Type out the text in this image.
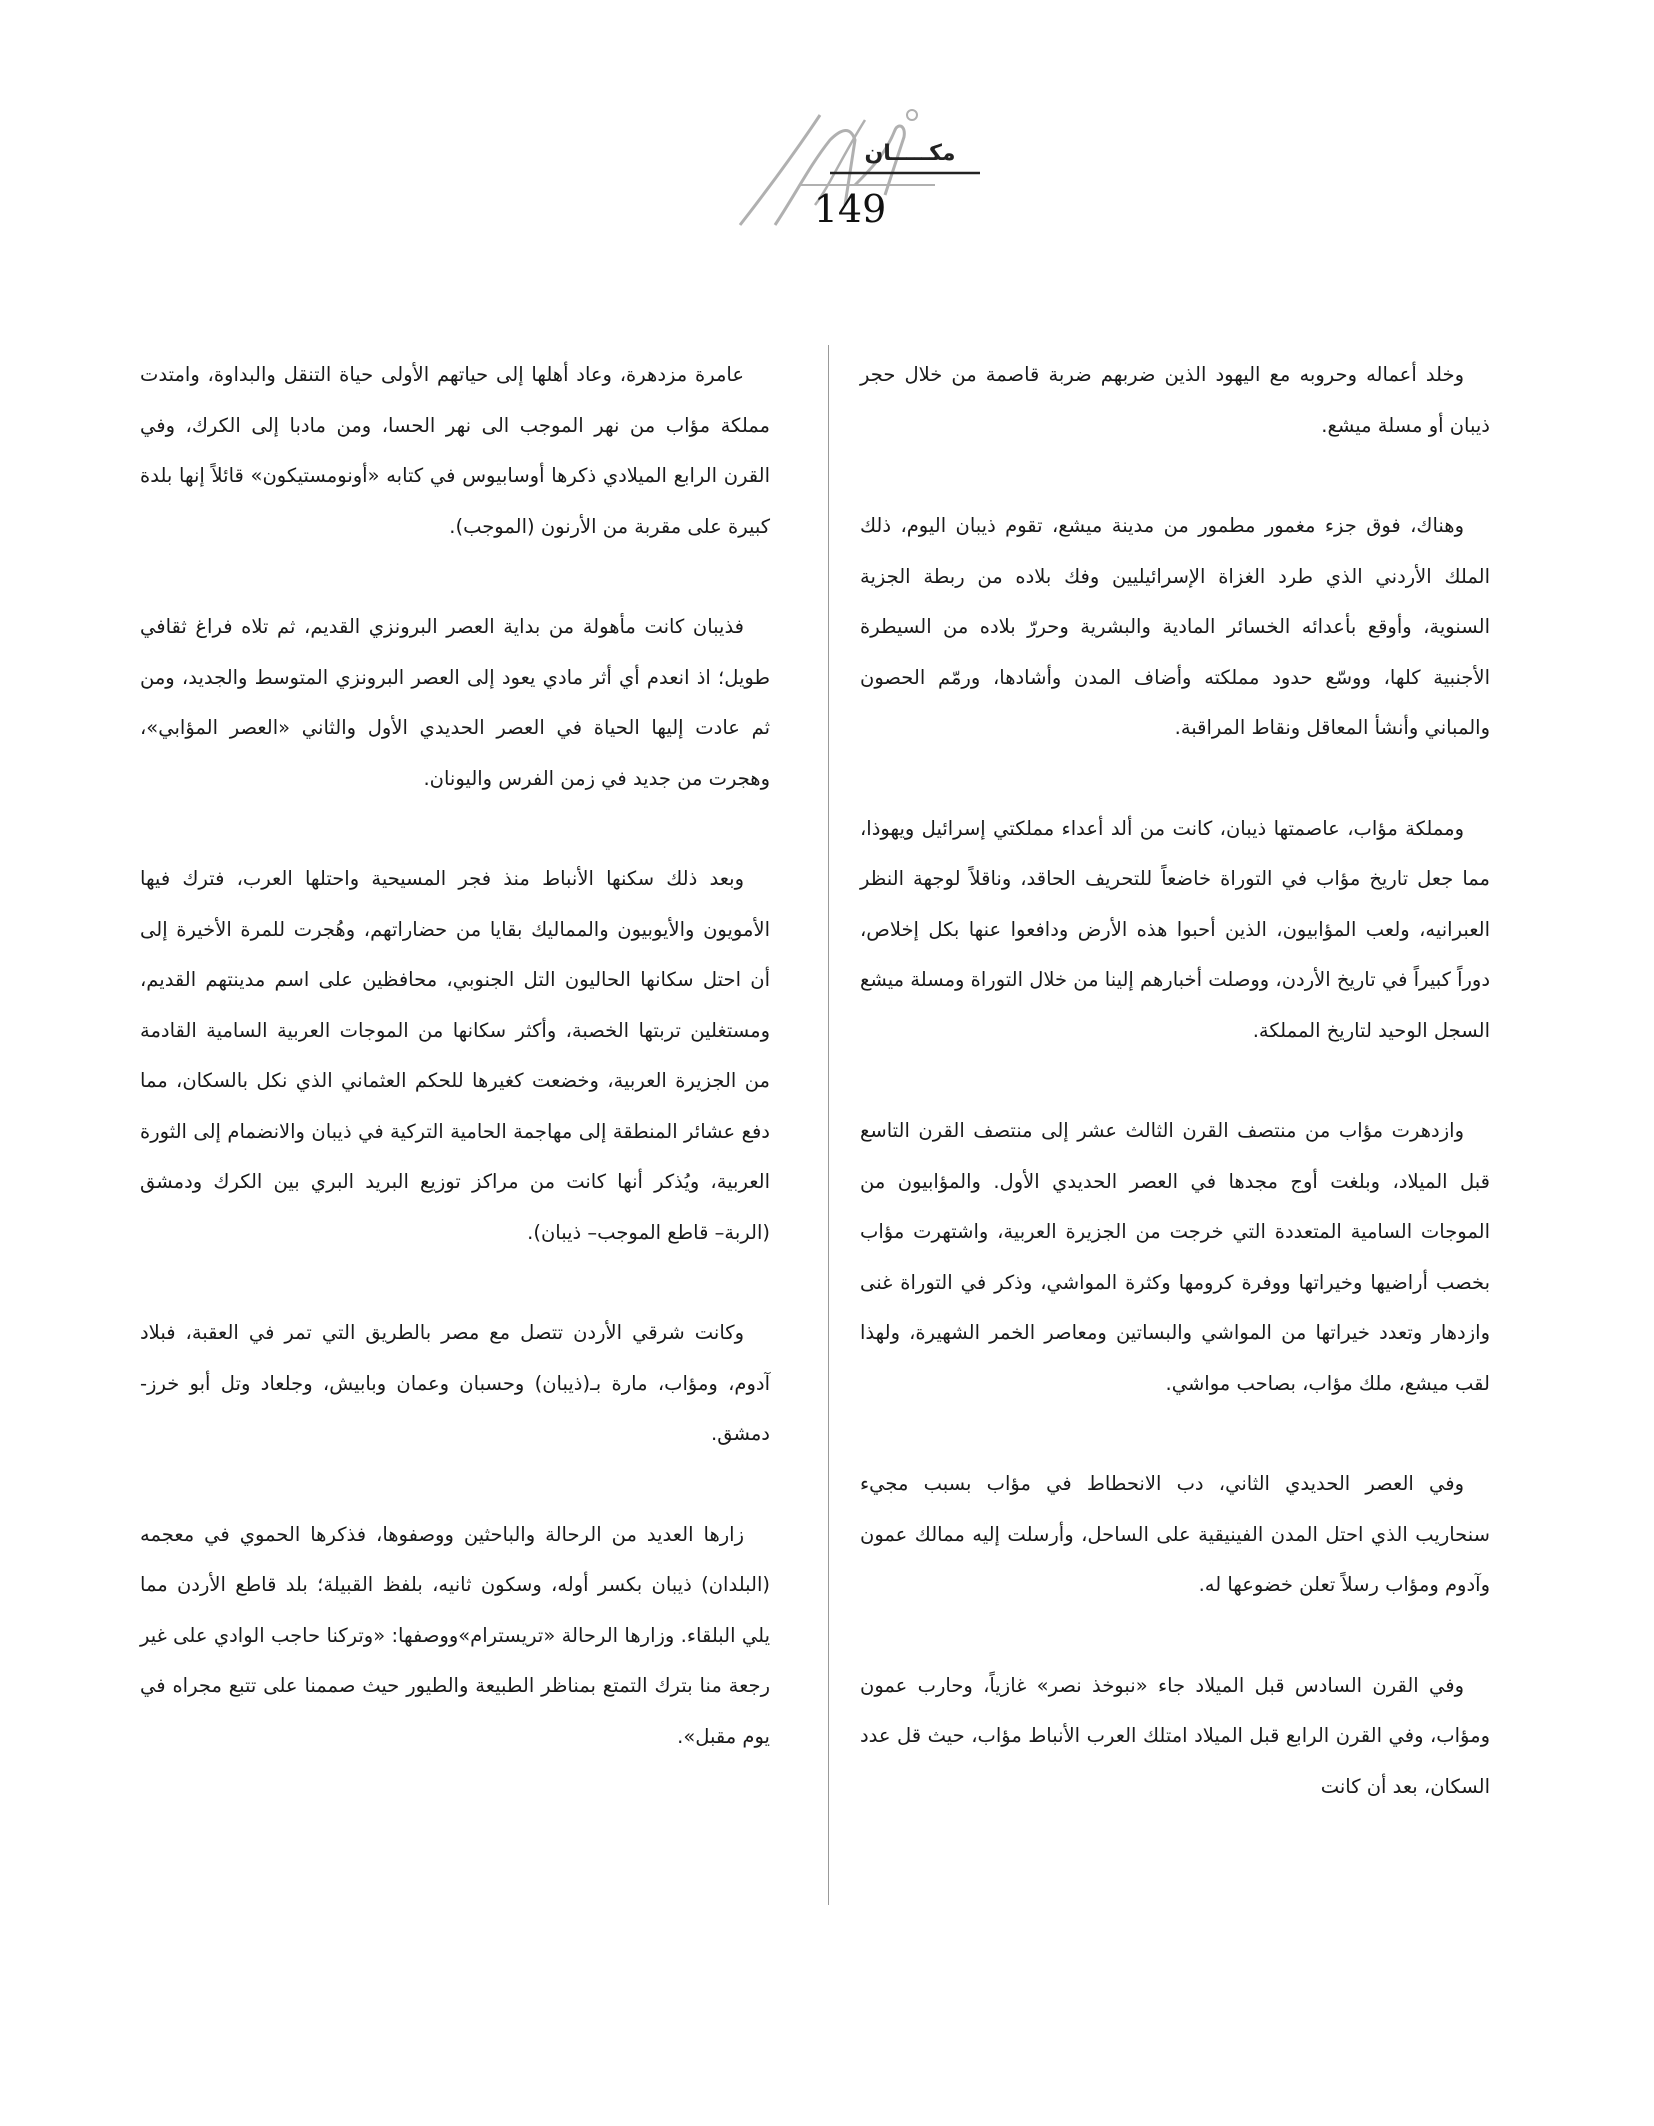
مكـــــان
149

وخلد أعماله وحروبه مع اليهود الذين ضربهم ضربة قاصمة من خلال حجر ذيبان أو مسلة ميشع.

وهناك، فوق جزء مغمور مطمور من مدينة ميشع، تقوم ذيبان اليوم، ذلك الملك الأردني الذي طرد الغزاة الإسرائيليين وفك بلاده من ربطة الجزية السنوية، وأوقع بأعدائه الخسائر المادية والبشرية وحررّ بلاده من السيطرة الأجنبية كلها، ووسّع حدود مملكته وأضاف المدن وأشادها، ورمّم الحصون والمباني وأنشأ المعاقل ونقاط المراقبة.

ومملكة مؤاب، عاصمتها ذيبان، كانت من ألد أعداء مملكتي إسرائيل ويهوذا، مما جعل تاريخ مؤاب في التوراة خاضعاً للتحريف الحاقد، وناقلاً لوجهة النظر العبرانيه، ولعب المؤابيون، الذين أحبوا هذه الأرض ودافعوا عنها بكل إخلاص، دوراً كبيراً في تاريخ الأردن، ووصلت أخبارهم إلينا من خلال التوراة ومسلة ميشع السجل الوحيد لتاريخ المملكة.

وازدهرت مؤاب من منتصف القرن الثالث عشر إلى منتصف القرن التاسع قبل الميلاد، وبلغت أوج مجدها في العصر الحديدي الأول. والمؤابيون من الموجات السامية المتعددة التي خرجت من الجزيرة العربية، واشتهرت مؤاب بخصب أراضيها وخيراتها ووفرة كرومها وكثرة المواشي، وذكر في التوراة غنى وازدهار وتعدد خيراتها من المواشي والبساتين ومعاصر الخمر الشهيرة، ولهذا لقب ميشع، ملك مؤاب، بصاحب مواشي.

وفي العصر الحديدي الثاني، دب الانحطاط في مؤاب بسبب مجيء سنحاريب الذي احتل المدن الفينيقية على الساحل، وأرسلت إليه ممالك عمون وآدوم ومؤاب رسلاً تعلن خضوعها له.

وفي القرن السادس قبل الميلاد جاء «نبوخذ نصر» غازياً، وحارب عمون ومؤاب، وفي القرن الرابع قبل الميلاد امتلك العرب الأنباط مؤاب، حيث قل عدد السكان، بعد أن كانت

عامرة مزدهرة، وعاد أهلها إلى حياتهم الأولى حياة التنقل والبداوة، وامتدت مملكة مؤاب من نهر الموجب الى نهر الحسا، ومن مادبا إلى الكرك، وفي القرن الرابع الميلادي ذكرها أوسابيوس في كتابه «أونومستيكون» قائلاً إنها بلدة كبيرة على مقربة من الأرنون (الموجب).

فذيبان كانت مأهولة من بداية العصر البرونزي القديم، ثم تلاه فراغ ثقافي طويل؛ اذ انعدم أي أثر مادي يعود إلى العصر البرونزي المتوسط والجديد، ومن ثم عادت إليها الحياة في العصر الحديدي الأول والثاني «العصر المؤابي»، وهجرت من جديد في زمن الفرس واليونان.

وبعد ذلك سكنها الأنباط منذ فجر المسيحية واحتلها العرب، فترك فيها الأمويون والأيوبيون والمماليك بقايا من حضاراتهم، وهُجرت للمرة الأخيرة إلى أن احتل سكانها الحاليون التل الجنوبي، محافظين على اسم مدينتهم القديم، ومستغلين تربتها الخصبة، وأكثر سكانها من الموجات العربية السامية القادمة من الجزيرة العربية، وخضعت كغيرها للحكم العثماني الذي نكل بالسكان، مما دفع عشائر المنطقة إلى مهاجمة الحامية التركية في ذيبان والانضمام إلى الثورة العربية، ويُذكر أنها كانت من مراكز توزيع البريد البري بين الكرك ودمشق (الربة– قاطع الموجب– ذيبان).

وكانت شرقي الأردن تتصل مع مصر بالطريق التي تمر في العقبة، فبلاد آدوم، ومؤاب، مارة بـ(ذيبان) وحسبان وعمان وبابيش، وجلعاد وتل أبو خرز- دمشق.

زارها العديد من الرحالة والباحثين ووصفوها، فذكرها الحموي في معجمه (البلدان) ذيبان بكسر أوله، وسكون ثانيه، بلفظ القبيلة؛ بلد قاطع الأردن مما يلي البلقاء. وزارها الرحالة «تريسترام»ووصفها: «وتركنا حاجب الوادي على غير رجعة منا بترك التمتع بمناظر الطبيعة والطيور حيث صممنا على تتبع مجراه في يوم مقبل».
